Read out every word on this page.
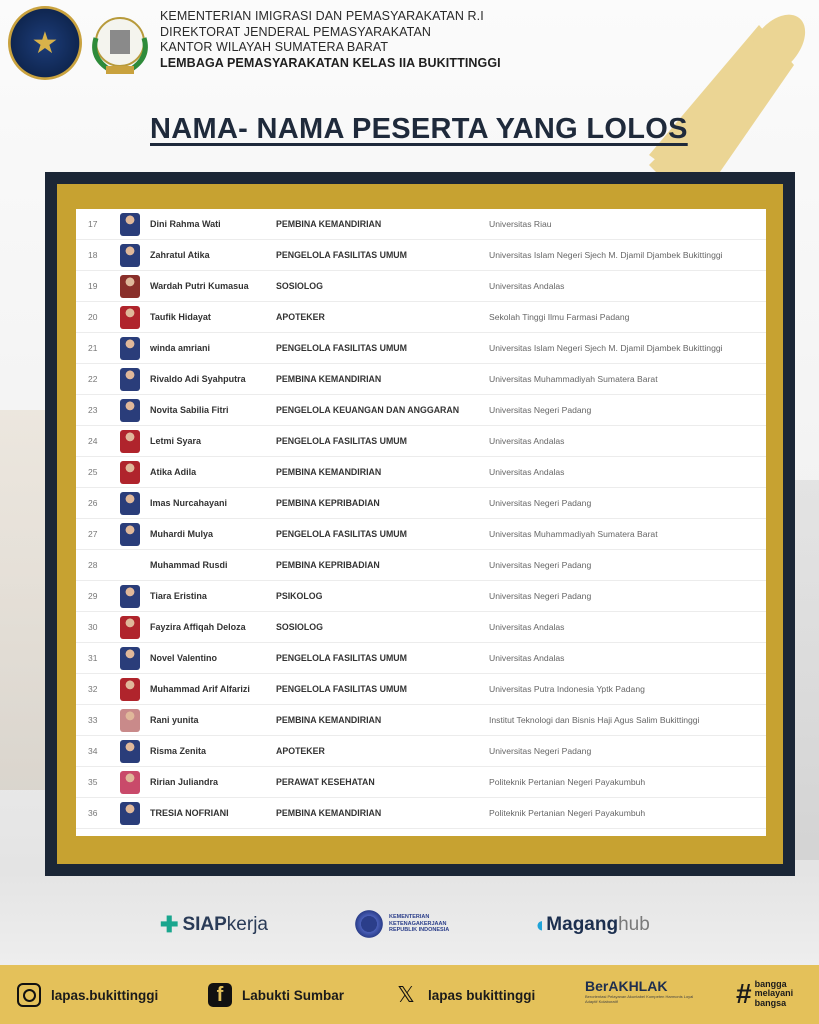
★
KEMENTERIAN IMIGRASI DAN PEMASYARAKATAN R.I
DIREKTORAT JENDERAL PEMASYARAKATAN
KANTOR WILAYAH SUMATERA BARAT
LEMBAGA PEMASYARAKATAN KELAS IIA BUKITTINGGI
NAMA- NAMA PESERTA YANG LOLOS
17	Dini Rahma Wati	PEMBINA KEMANDIRIAN	Universitas Riau
18	Zahratul Atika	PENGELOLA FASILITAS UMUM	Universitas Islam Negeri Sjech M. Djamil Djambek Bukittinggi
19	Wardah Putri Kumasua	SOSIOLOG	Universitas Andalas
20	Taufik Hidayat	APOTEKER	Sekolah Tinggi Ilmu Farmasi Padang
21	winda amriani	PENGELOLA FASILITAS UMUM	Universitas Islam Negeri Sjech M. Djamil Djambek Bukittinggi
22	Rivaldo Adi Syahputra	PEMBINA KEMANDIRIAN	Universitas Muhammadiyah Sumatera Barat
23	Novita Sabilia Fitri	PENGELOLA KEUANGAN DAN ANGGARAN	Universitas Negeri Padang
24	Letmi Syara	PENGELOLA FASILITAS UMUM	Universitas Andalas
25	Atika Adila	PEMBINA KEMANDIRIAN	Universitas Andalas
26	Imas Nurcahayani	PEMBINA KEPRIBADIAN	Universitas Negeri Padang
27	Muhardi Mulya	PENGELOLA FASILITAS UMUM	Universitas Muhammadiyah Sumatera Barat
28	Muhammad Rusdi	PEMBINA KEPRIBADIAN	Universitas Negeri Padang
29	Tiara Eristina	PSIKOLOG	Universitas Negeri Padang
30	Fayzira Affiqah Deloza	SOSIOLOG	Universitas Andalas
31	Novel Valentino	PENGELOLA FASILITAS UMUM	Universitas Andalas
32	Muhammad Arif Alfarizi	PENGELOLA FASILITAS UMUM	Universitas Putra Indonesia Yptk Padang
33	Rani yunita	PEMBINA KEMANDIRIAN	Institut Teknologi dan Bisnis Haji Agus Salim Bukittinggi
34	Risma Zenita	APOTEKER	Universitas Negeri Padang
35	Ririan Juliandra	PERAWAT KESEHATAN	Politeknik Pertanian Negeri Payakumbuh
36	TRESIA NOFRIANI	PEMBINA KEMANDIRIAN	Politeknik Pertanian Negeri Payakumbuh
✚ SIAP kerja	KEMENTERIAN KETENAGAKERJAAN REPUBLIK INDONESIA	◖ Magang hub
lapas.bukittinggi	f	Labukti Sumbar 𝕏 lapas bukittinggi
BerAKHLAK
Berorientasi Pelayanan Akuntabel Kompeten Harmonis Loyal Adaptif Kolaboratif	# bangga
melayani
bangsa
